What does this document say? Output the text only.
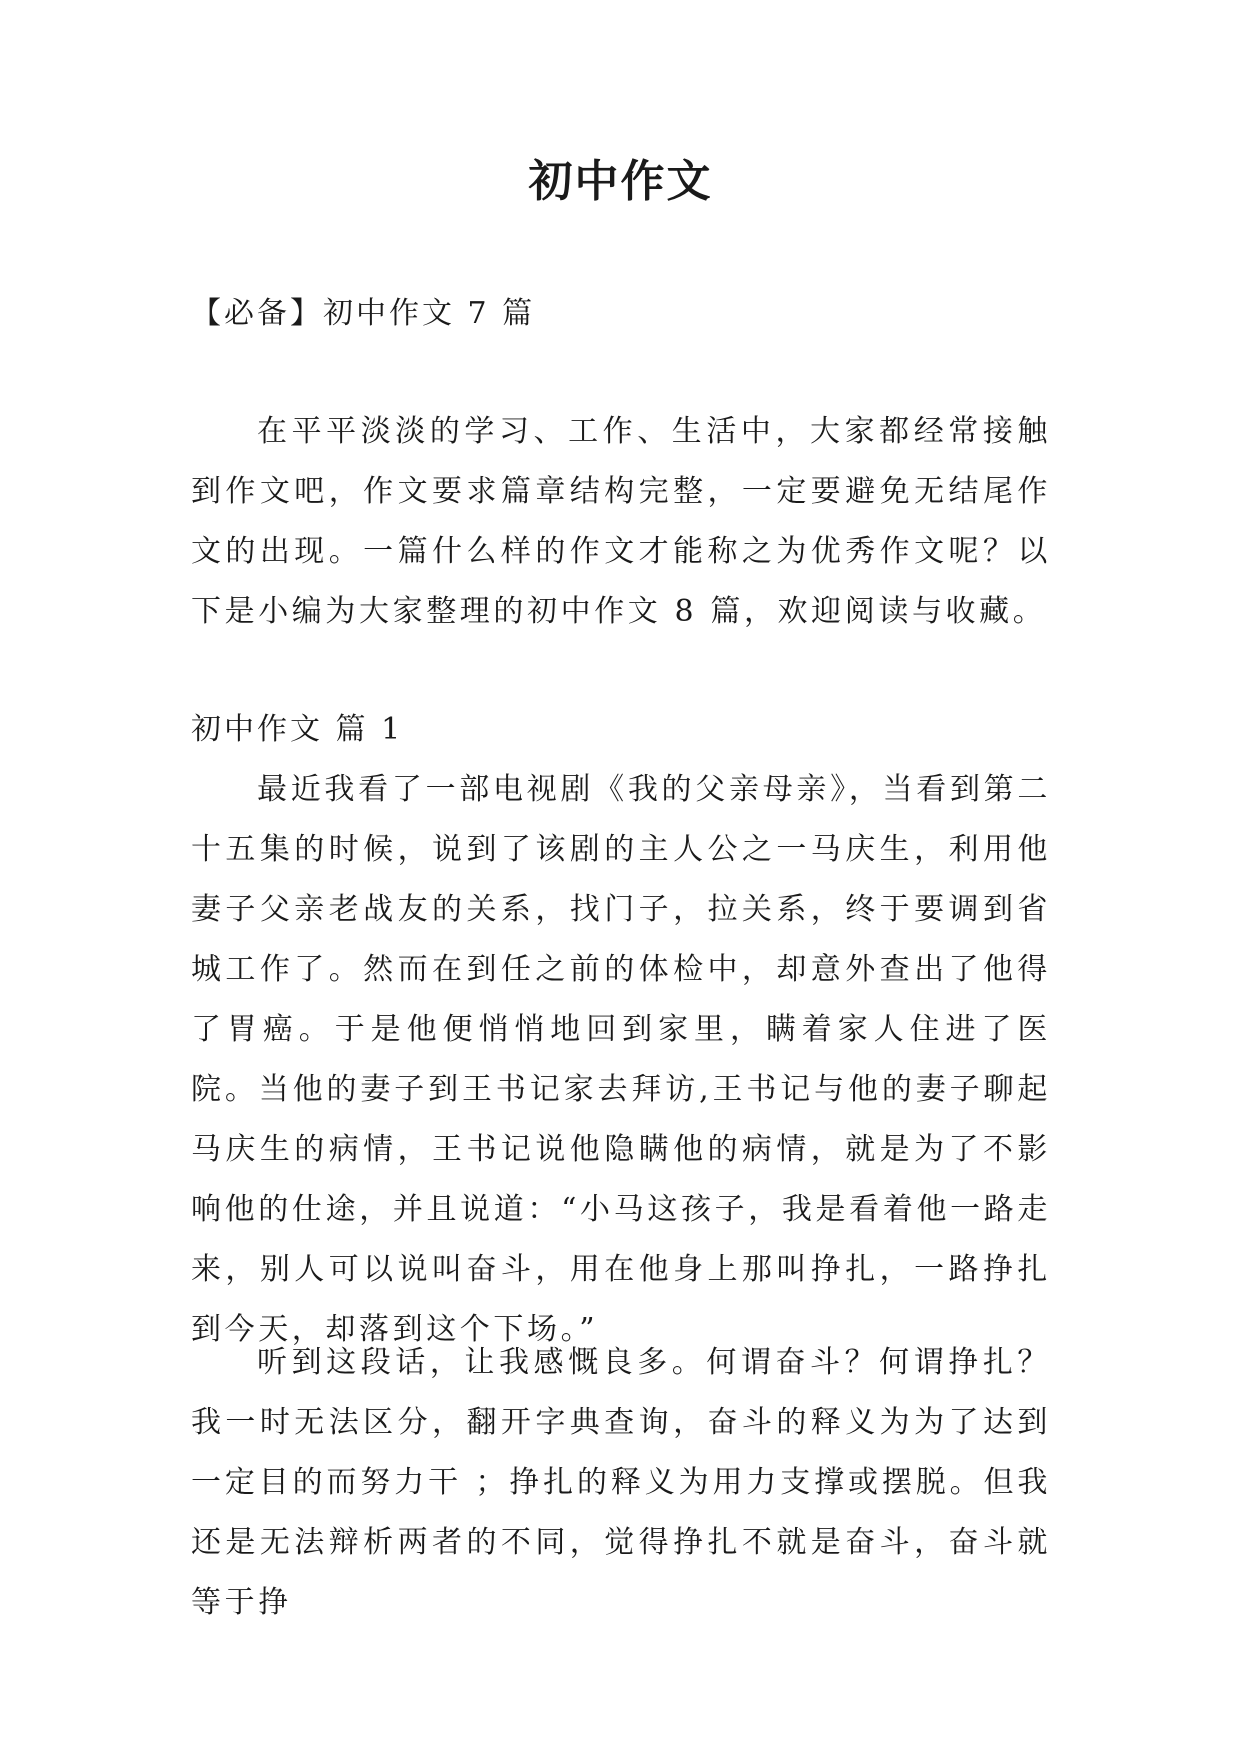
初中作文

【必备】初中作文 7 篇

在平平淡淡的学习、工作、生活中，大家都经常接触到作文吧，作文要求篇章结构完整，一定要避免无结尾作文的出现。一篇什么样的作文才能称之为优秀作文呢？以下是小编为大家整理的初中作文 8 篇，欢迎阅读与收藏。

初中作文 篇 1

最近我看了一部电视剧《我的父亲母亲》，当看到第二十五集的时候，说到了该剧的主人公之一马庆生，利用他妻子父亲老战友的关系，找门子，拉关系，终于要调到省城工作了。然而在到任之前的体检中，却意外查出了他得了胃癌。于是他便悄悄地回到家里，瞒着家人住进了医院。当他的妻子到王书记家去拜访,王书记与他的妻子聊起马庆生的病情，王书记说他隐瞒他的病情，就是为了不影响他的仕途，并且说道：“小马这孩子，我是看着他一路走来，别人可以说叫奋斗，用在他身上那叫挣扎，一路挣扎到今天，却落到这个下场。”

听到这段话，让我感慨良多。何谓奋斗？何谓挣扎？我一时无法区分，翻开字典查询，奋斗的释义为为了达到一定目的而努力干 ；挣扎的释义为用力支撑或摆脱。但我还是无法辩析两者的不同，觉得挣扎不就是奋斗，奋斗就等于挣
